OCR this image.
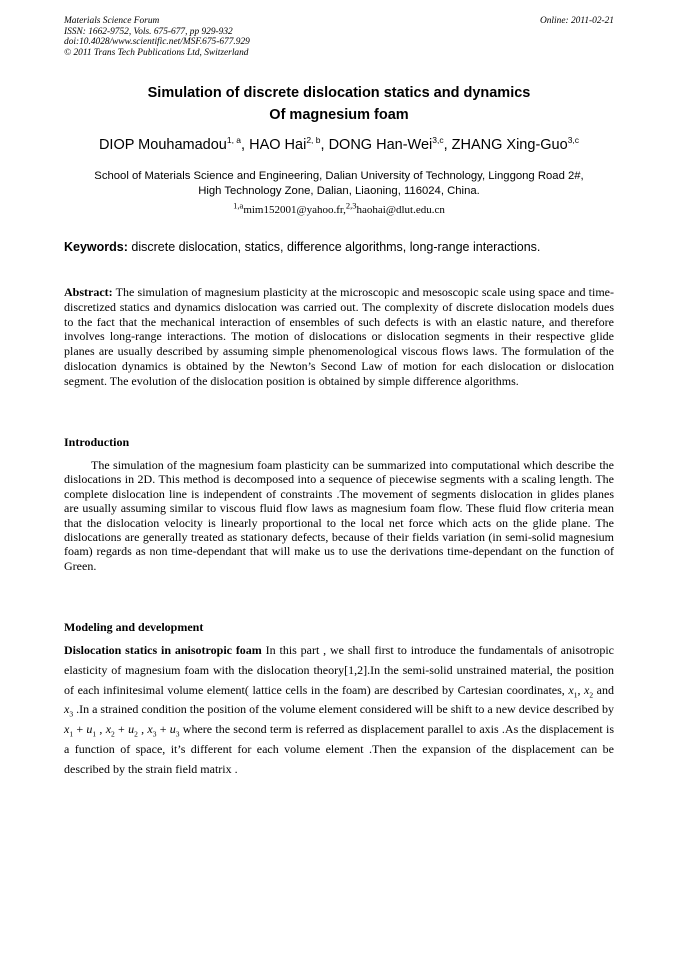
Materials Science Forum
ISSN: 1662-9752, Vols. 675-677, pp 929-932
doi:10.4028/www.scientific.net/MSF.675-677.929
© 2011 Trans Tech Publications Ltd, Switzerland
Online: 2011-02-21
Simulation of discrete dislocation statics and dynamics
Of magnesium foam
DIOP Mouhamadou$^{1, a}$, HAO Hai$^{2, b}$, DONG Han-Wei$^{3,c}$, ZHANG Xing-Guo$^{3,c}$
School of Materials Science and Engineering, Dalian University of Technology, Linggong Road 2#,
High Technology Zone, Dalian, Liaoning, 116024, China.
$^{1,a}$mim152001@yahoo.fr,$^{2,3}$haohai@dlut.edu.cn
Keywords: discrete dislocation, statics, difference algorithms, long-range interactions.
Abstract: The simulation of magnesium plasticity at the microscopic and mesoscopic scale using space and time-discretized statics and dynamics dislocation was carried out. The complexity of discrete dislocation models dues to the fact that the mechanical interaction of ensembles of such defects is with an elastic nature, and therefore involves long-range interactions. The motion of dislocations or dislocation segments in their respective glide planes are usually described by assuming simple phenomenological viscous flows laws. The formulation of the dislocation dynamics is obtained by the Newton’s Second Law of motion for each dislocation or dislocation segment. The evolution of the dislocation position is obtained by simple difference algorithms.
Introduction
The simulation of the magnesium foam plasticity can be summarized into computational which describe the dislocations in 2D. This method is decomposed into a sequence of piecewise segments with a scaling length. The complete dislocation line is independent of constraints .The movement of segments dislocation in glides planes are usually assuming similar to viscous fluid flow laws as magnesium foam flow. These fluid flow criteria mean that the dislocation velocity is linearly proportional to the local net force which acts on the glide plane. The dislocations are generally treated as stationary defects, because of their fields variation (in semi-solid magnesium foam) regards as non time-dependant that will make us to use the derivations time-dependant on the function of Green.
Modeling and development
Dislocation statics in anisotropic foam In this part , we shall first to introduce the fundamentals of anisotropic elasticity of magnesium foam with the dislocation theory[1,2].In the semi-solid unstrained material, the position of each infinitesimal volume element( lattice cells in the foam) are described by Cartesian coordinates, $x_1$, $x_2$ and $x_3$ .In a strained condition the position of the volume element considered will be shift to a new device described by $x_1 + u_1$ , $x_2 + u_2$ , $x_3 + u_3$ where the second term is referred as displacement parallel to axis .As the displacement is a function of space, it’s different for each volume element .Then the expansion of the displacement can be described by the strain field matrix .
